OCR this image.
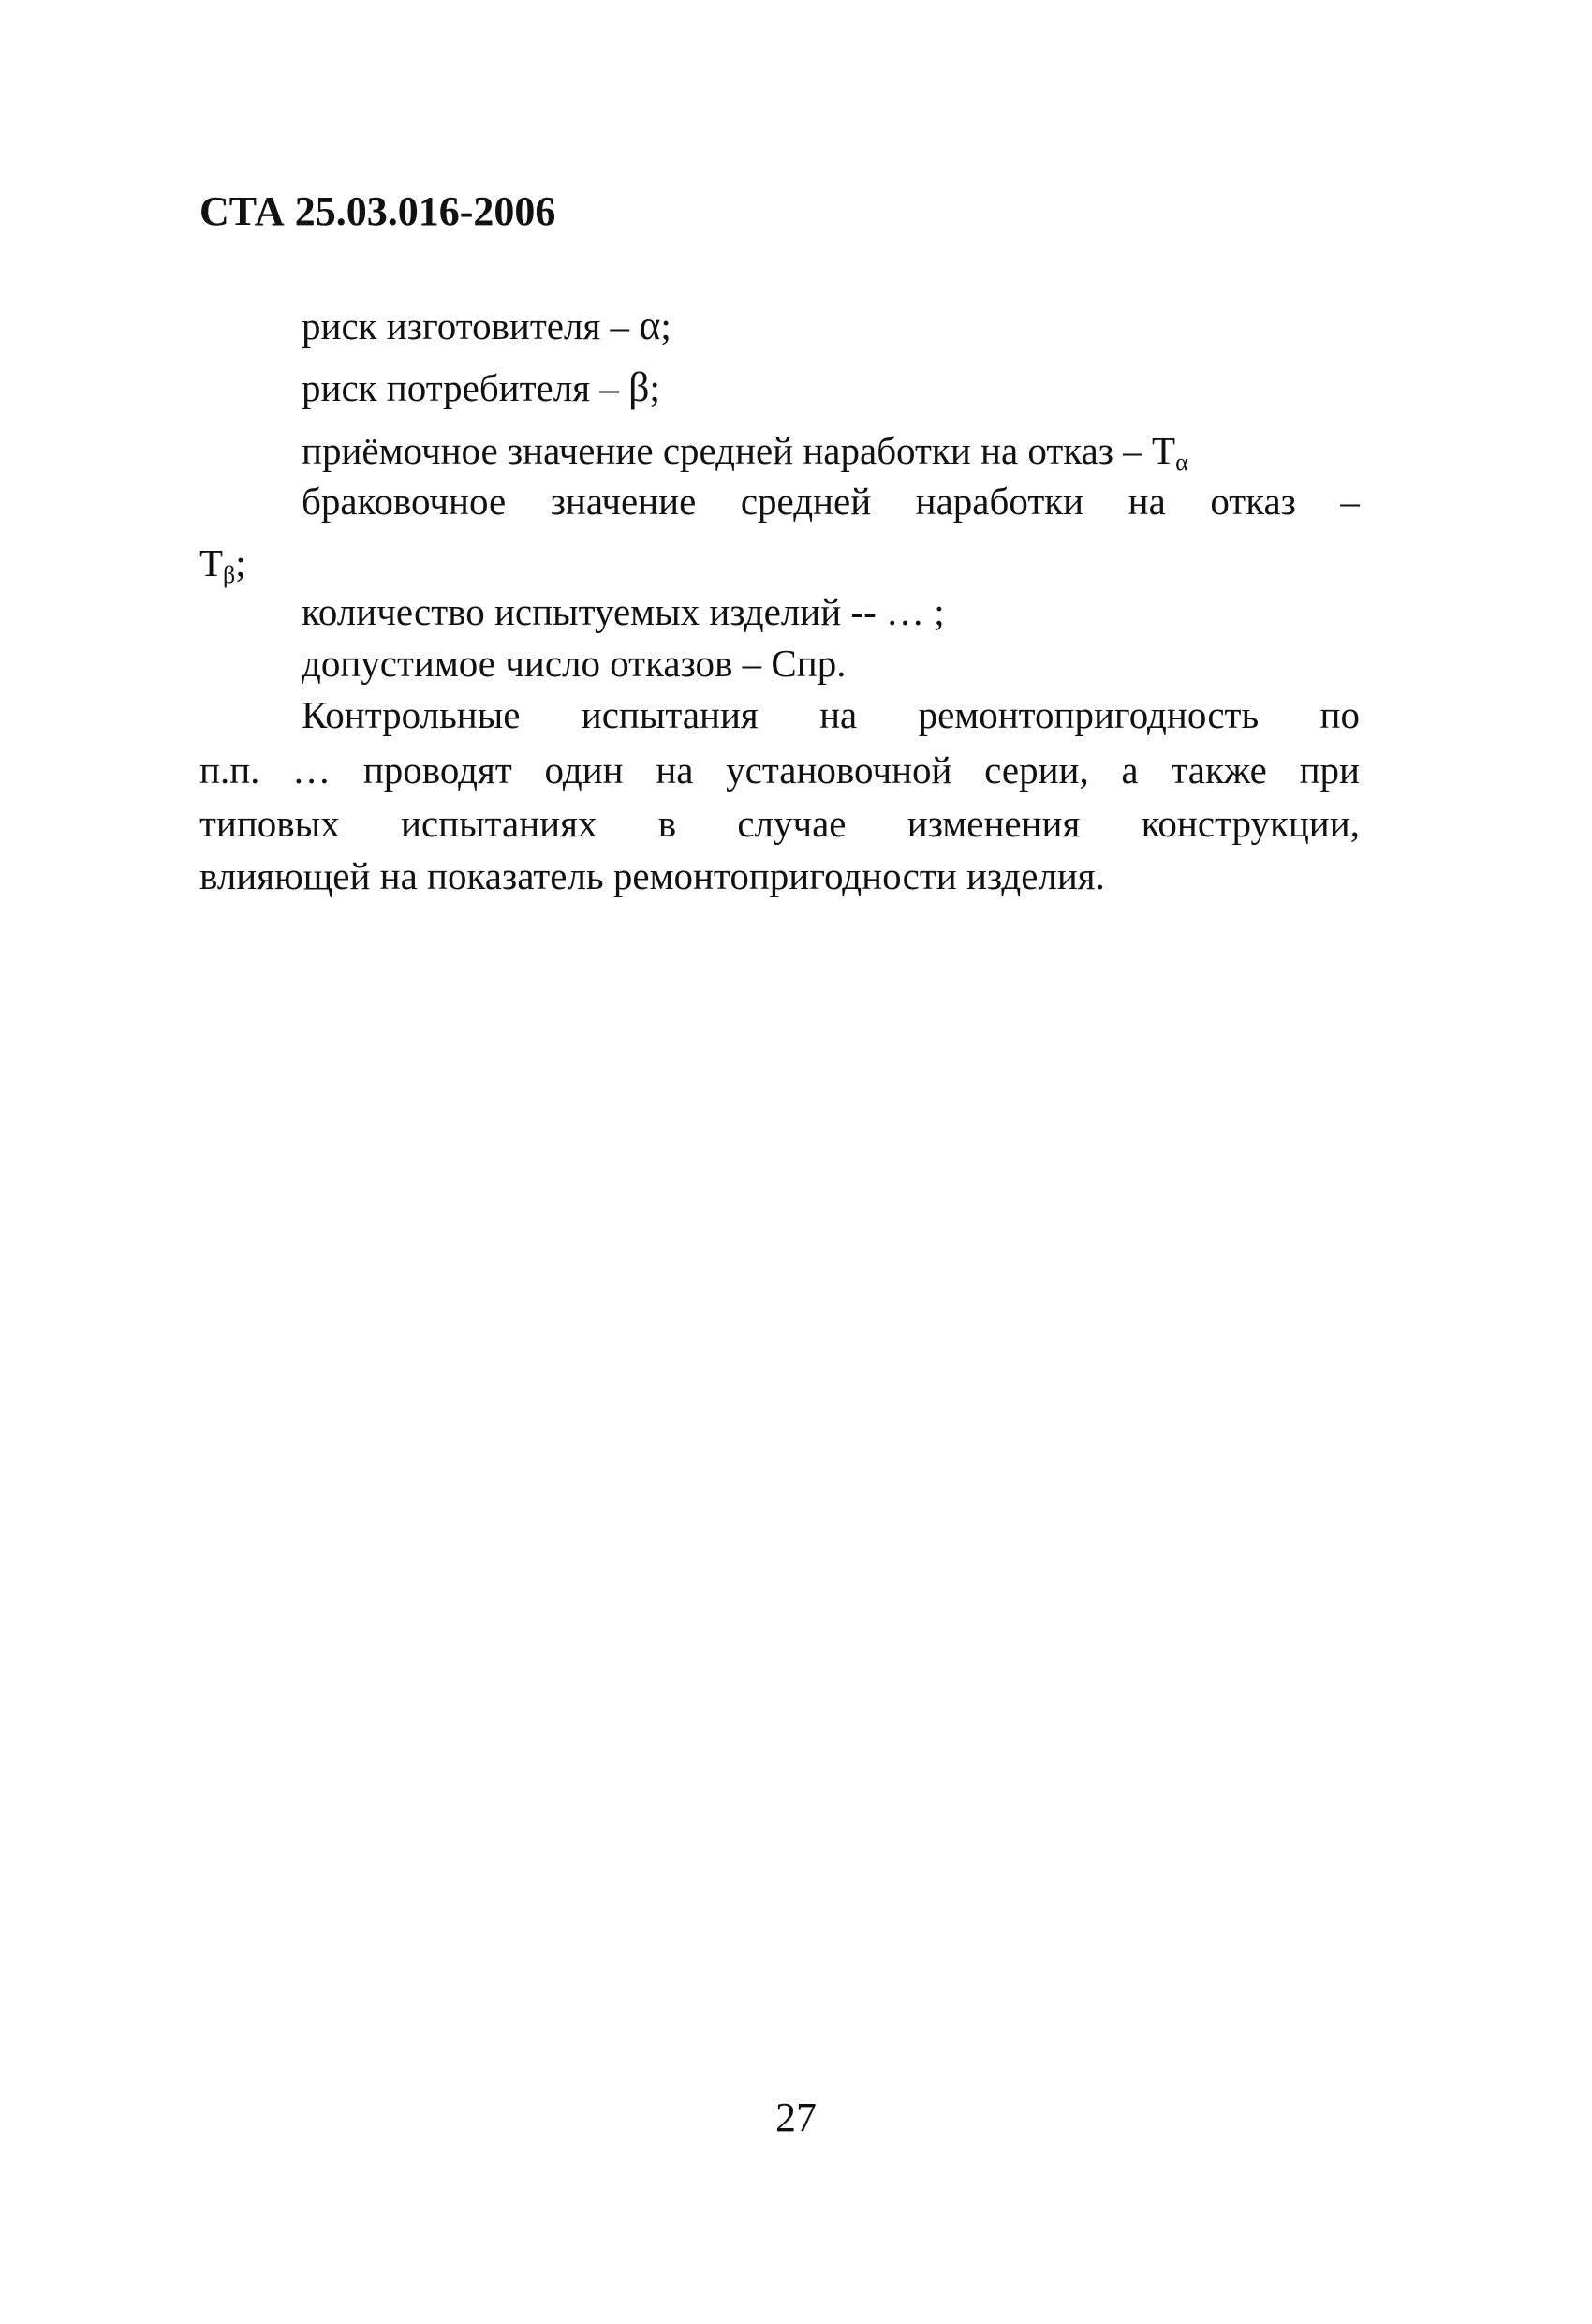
СТА 25.03.016-2006
риск изготовителя – α;
риск потребителя – β;
приёмочное значение средней наработки на отказ – $Т_\alpha$
браковочное значение средней наработки на отказ –
$Т_\beta$;
количество испытуемых изделий -- … ;
допустимое число отказов – Спр.
Контрольные испытания на ремонтопригодность по
п.п. … проводят один на установочной серии, а также при
типовых испытаниях в случае изменения конструкции,
влияющей на показатель ремонтопригодности изделия.
27
